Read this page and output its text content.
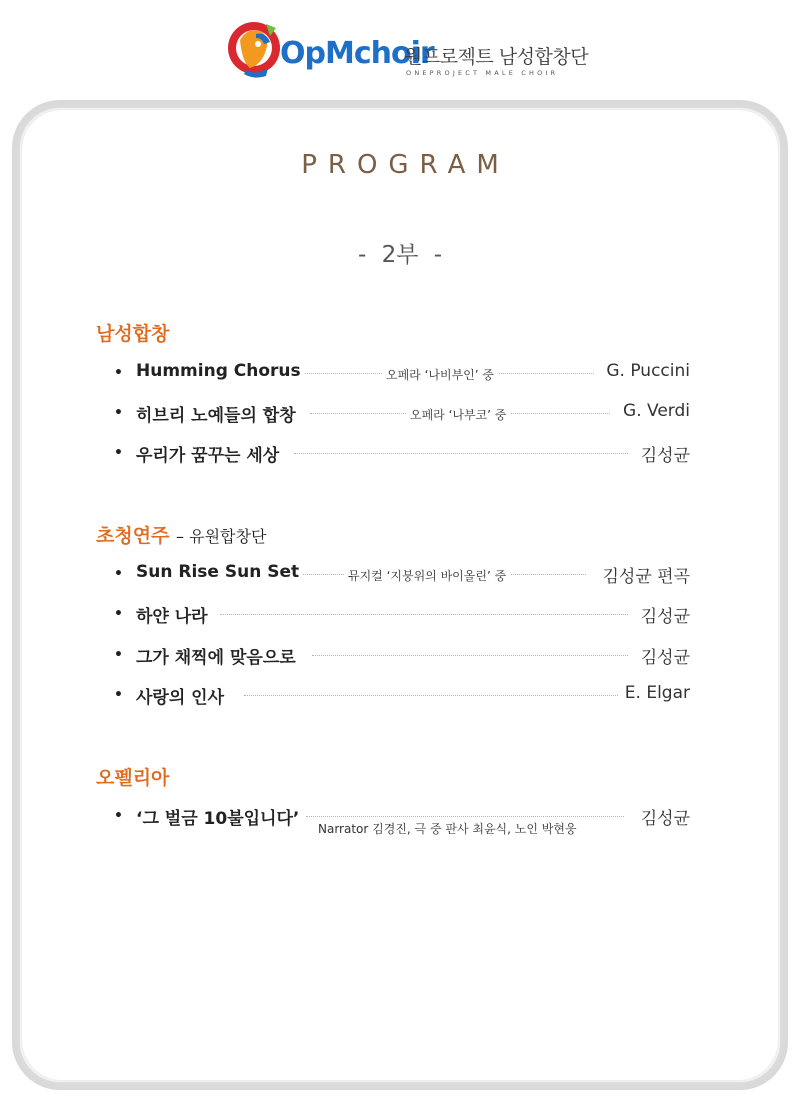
OpMchoir
원프로젝트 남성합창단
ONEPROJECT MALE CHOIR
PROGRAM
- 2부 -
남성합창
• Humming Chorus	오페라 ‘나비부인’ 중	G. Puccini
• 히브리 노예들의 합창	오페라 ‘나부코’ 중	G. Verdi
• 우리가 꿈꾸는 세상	김성균
초청연주 – 유원합창단
• Sun Rise Sun Set	뮤지컬 ‘지붕위의 바이올린’ 중	김성균 편곡
• 하얀 나라	김성균
• 그가 채찍에 맞음으로	김성균
• 사랑의 인사	E. Elgar
오펠리아
• ‘그 벌금 10불입니다’	김성균
Narrator 김경진, 극 중 판사 최윤식, 노인 박현웅
